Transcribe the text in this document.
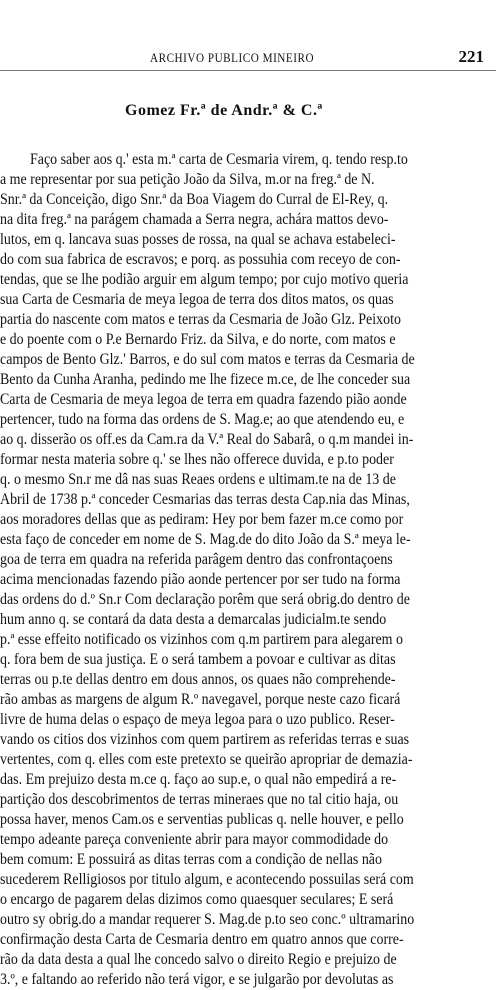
ARCHIVO PUBLICO MINEIRO	221
Gomez Fr.ª de Andr.ª & C.ª
Faço saber aos q.' esta m.ª carta de Cesmaria virem, q. tendo resp.to
a me representar por sua petição João da Silva, m.or na freg.ª de N.
Snr.ª da Conceição, digo Snr.ª da Boa Viagem do Curral de El-Rey, q.
na dita freg.ª na parágem chamada a Serra negra, achára mattos devo-
lutos, em q. lancava suas posses de rossa, na qual se achava estabeleci-
do com sua fabrica de escravos; e porq. as possuhia com receyo de con-
tendas, que se lhe podião arguir em algum tempo; por cujo motivo queria
sua Carta de Cesmaria de meya legoa de terra dos ditos matos, os quas
partia do nascente com matos e terras da Cesmaria de João Glz. Peixoto
e do poente com o P.e Bernardo Friz. da Silva, e do norte, com matos e
campos de Bento Glz.' Barros, e do sul com matos e terras da Cesmaria de
Bento da Cunha Aranha, pedindo me lhe fizece m.ce, de lhe conceder sua
Carta de Cesmaria de meya legoa de terra em quadra fazendo pião aonde
pertencer, tudo na forma das ordens de S. Mag.e; ao que atendendo eu, e
ao q. disserão os off.es da Cam.ra da V.ª Real do Sabarâ, o q.m mandei in-
formar nesta materia sobre q.' se lhes não offerece duvida, e p.to poder
q. o mesmo Sn.r me dâ nas suas Reaes ordens e ultimam.te na de 13 de
Abril de 1738 p.ª conceder Cesmarias das terras desta Cap.nia das Minas,
aos moradores dellas que as pediram: Hey por bem fazer m.ce como por
esta faço de conceder em nome de S. Mag.de do dito João da S.ª meya le-
goa de terra em quadra na referida parâgem dentro das confrontaçoens
acima mencionadas fazendo pião aonde pertencer por ser tudo na forma
das ordens do d.º Sn.r Com declaração porêm que será obrig.do dentro de
hum anno q. se contará da data desta a demarcalas judicialm.te sendo
p.ª esse effeito notificado os vizinhos com q.m partirem para alegarem o
q. fora bem de sua justiça. E o será tambem a povoar e cultivar as ditas
terras ou p.te dellas dentro em dous annos, os quaes não comprehende-
rão ambas as margens de algum R.º navegavel, porque neste cazo ficará
livre de huma delas o espaço de meya legoa para o uzo publico. Reser-
vando os citios dos vizinhos com quem partirem as referidas terras e suas
vertentes, com q. elles com este pretexto se queirão apropriar de demazia-
das. Em prejuizo desta m.ce q. faço ao sup.e, o qual não empedirá a re-
partição dos descobrimentos de terras mineraes que no tal citio haja, ou
possa haver, menos Cam.os e serventias publicas q. nelle houver, e pello
tempo adeante pareça conveniente abrir para mayor commodidade do
bem comum: E possuirá as ditas terras com a condição de nellas não
sucederem Relligiosos por titulo algum, e acontecendo possuilas será com
o encargo de pagarem delas dizimos como quaesquer seculares; E será
outro sy obrig.do a mandar requerer S. Mag.de p.to seo conc.º ultramarino
confirmação desta Carta de Cesmaria dentro em quatro annos que corre-
rão da data desta a qual lhe concedo salvo o direito Regio e prejuizo de
3.º, e faltando ao referido não terá vigor, e se julgarão por devolutas as
